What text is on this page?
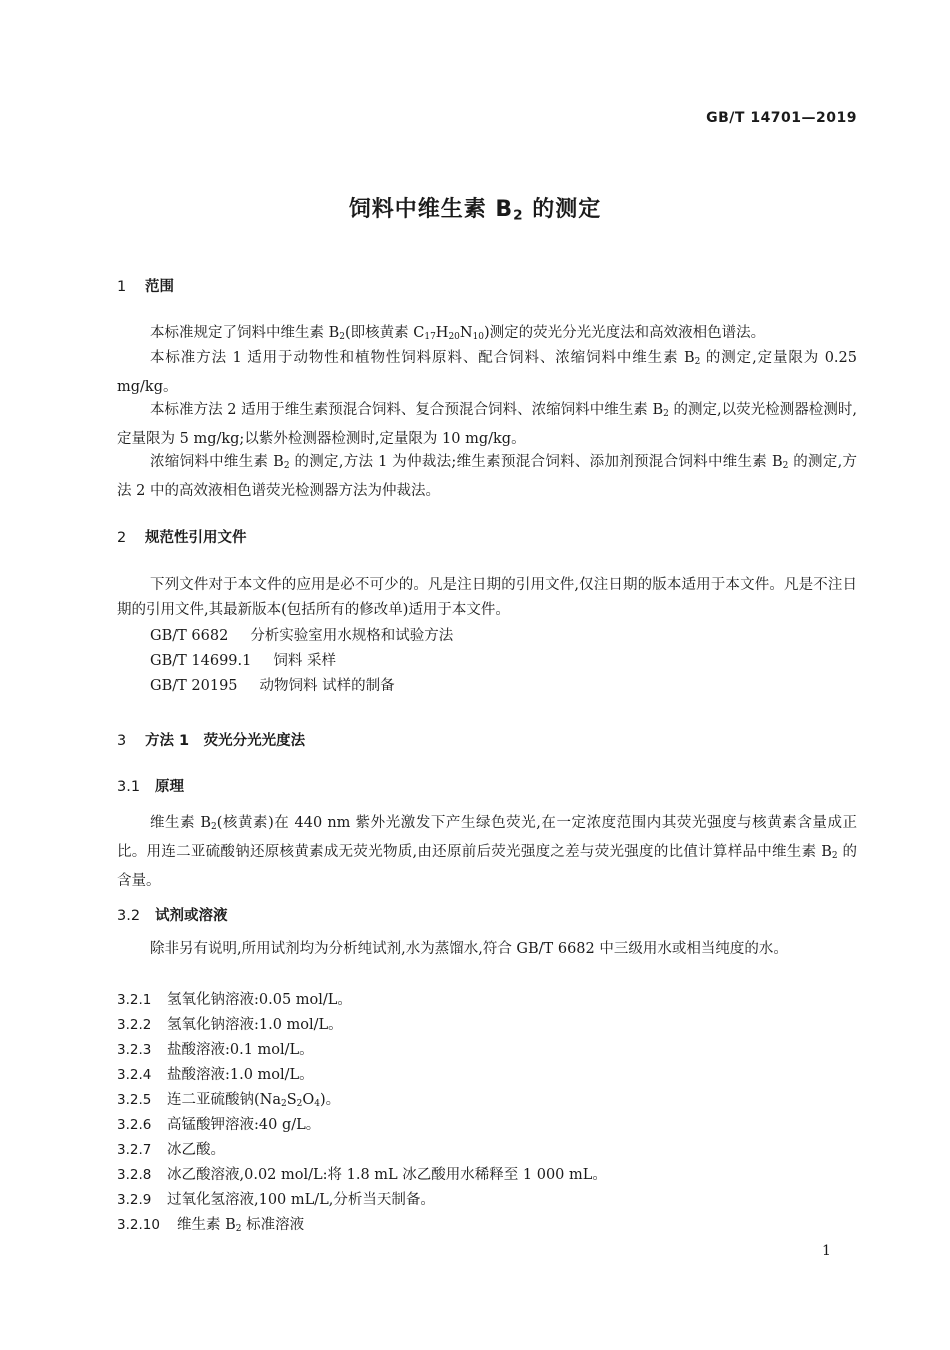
GB/T 14701—2019
饲料中维生素 $B_2$ 的测定
1 范围
本标准规定了饲料中维生素 $B_2$(即核黄素 $C_{17}H_{20}N_{10}$)测定的荧光分光光度法和高效液相色谱法。
本标准方法 1 适用于动物性和植物性饲料原料、配合饲料、浓缩饲料中维生素 $B_2$ 的测定,定量限为 0.25 mg/kg。
本标准方法 2 适用于维生素预混合饲料、复合预混合饲料、浓缩饲料中维生素 $B_2$ 的测定,以荧光检测器检测时,定量限为 5 mg/kg;以紫外检测器检测时,定量限为 10 mg/kg。
浓缩饲料中维生素 $B_2$ 的测定,方法 1 为仲裁法;维生素预混合饲料、添加剂预混合饲料中维生素 $B_2$ 的测定,方法 2 中的高效液相色谱荧光检测器方法为仲裁法。
2 规范性引用文件
下列文件对于本文件的应用是必不可少的。凡是注日期的引用文件,仅注日期的版本适用于本文件。凡是不注日期的引用文件,其最新版本(包括所有的修改单)适用于本文件。
GB/T 6682 分析实验室用水规格和试验方法
GB/T 14699.1 饲料 采样
GB/T 20195 动物饲料 试样的制备
3 方法 1　荧光分光光度法
3.1 原理
维生素 $B_2$(核黄素)在 440 nm 紫外光激发下产生绿色荧光,在一定浓度范围内其荧光强度与核黄素含量成正比。用连二亚硫酸钠还原核黄素成无荧光物质,由还原前后荧光强度之差与荧光强度的比值计算样品中维生素 $B_2$ 的含量。
3.2 试剂或溶液
除非另有说明,所用试剂均为分析纯试剂,水为蒸馏水,符合 GB/T 6682 中三级用水或相当纯度的水。
3.2.1 氢氧化钠溶液:0.05 mol/L。
3.2.2 氢氧化钠溶液:1.0 mol/L。
3.2.3 盐酸溶液:0.1 mol/L。
3.2.4 盐酸溶液:1.0 mol/L。
3.2.5 连二亚硫酸钠$(Na_2S_2O_4)$。
3.2.6 高锰酸钾溶液:40 g/L。
3.2.7 冰乙酸。
3.2.8 冰乙酸溶液,0.02 mol/L:将 1.8 mL 冰乙酸用水稀释至 1 000 mL。
3.2.9 过氧化氢溶液,100 mL/L,分析当天制备。
3.2.10 维生素 $B_2$ 标准溶液
1
